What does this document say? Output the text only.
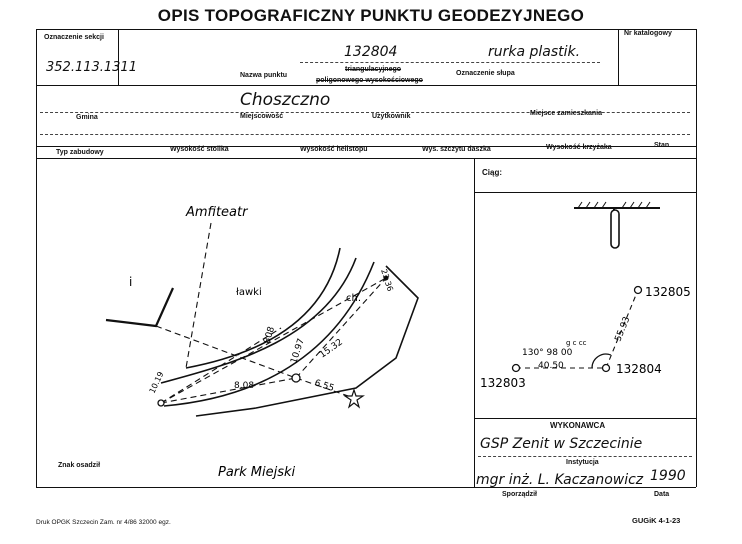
OPIS TOPOGRAFICZNY PUNKTU GEODEZYJNEGO
Oznaczenie sekcji
352.113.1311
Nr katalogowy
132804	rurka plastik.
Nazwa punktu
triangulacyjnego
poligonowego wysokościowego
Oznaczenie słupa
Choszczno
Gmina	Miejscowość	Użytkownik	Miejsce zamieszkania
Typ zabudowy	Wysokość stolika	Wysokość helistopu	Wys. szczytu daszka	Wysokość krzyżaka	Stan
Ciąg:
WYKONAWCA
GSP Zenit w Szczecinie
Instytucja
mgr inż. L. Kaczanowicz 1990
Sporządził	Data
Znak osadził
Amfiteatr
ławki
Park Miejski
ch.
i
808
10.97 15.32
8.08	6.55
23.36
10.19
132805
132803
132804
40.50
55.93
130° 98 00
g c cc
Druk OPGK Szczecin Zam. nr 4/86 32000 egz.	GUGiK 4-1-23
